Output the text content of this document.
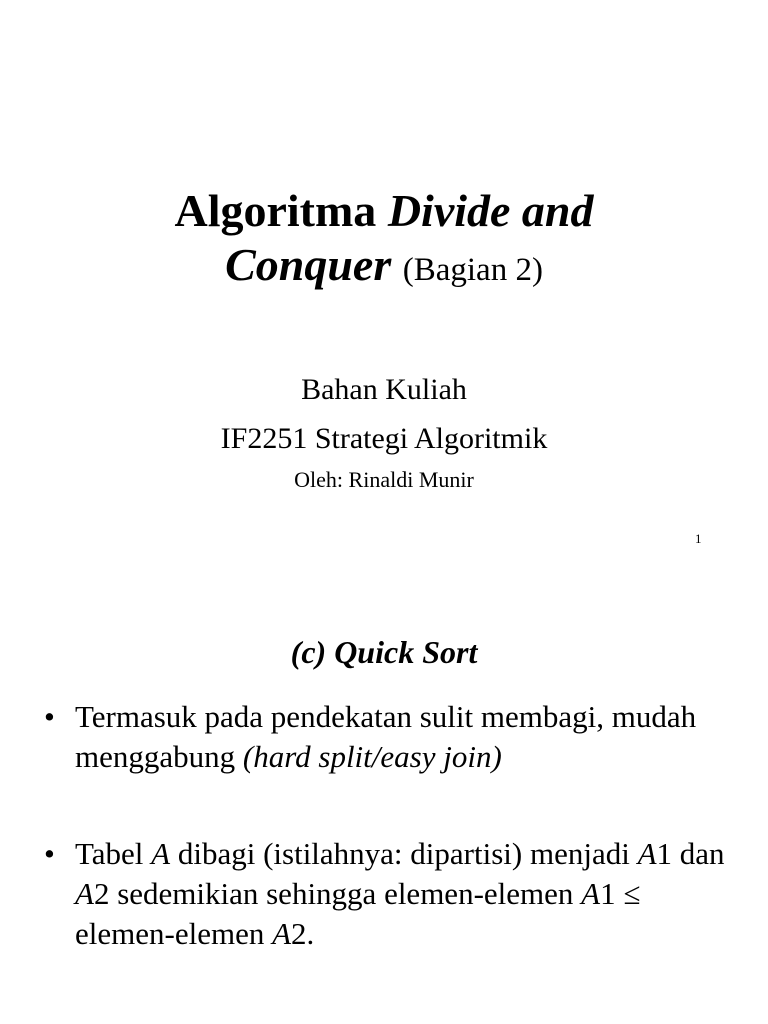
Algoritma Divide and
Conquer (Bagian 2)
Bahan Kuliah
IF2251 Strategi Algoritmik
Oleh: Rinaldi Munir
1
(c) Quick Sort
• Termasuk pada pendekatan sulit membagi, mudah menggabung (hard split/easy join)
• Tabel A dibagi (istilahnya: dipartisi) menjadi A1 dan A2 sedemikian sehingga elemen-elemen A1 ≤ elemen-elemen A2.
